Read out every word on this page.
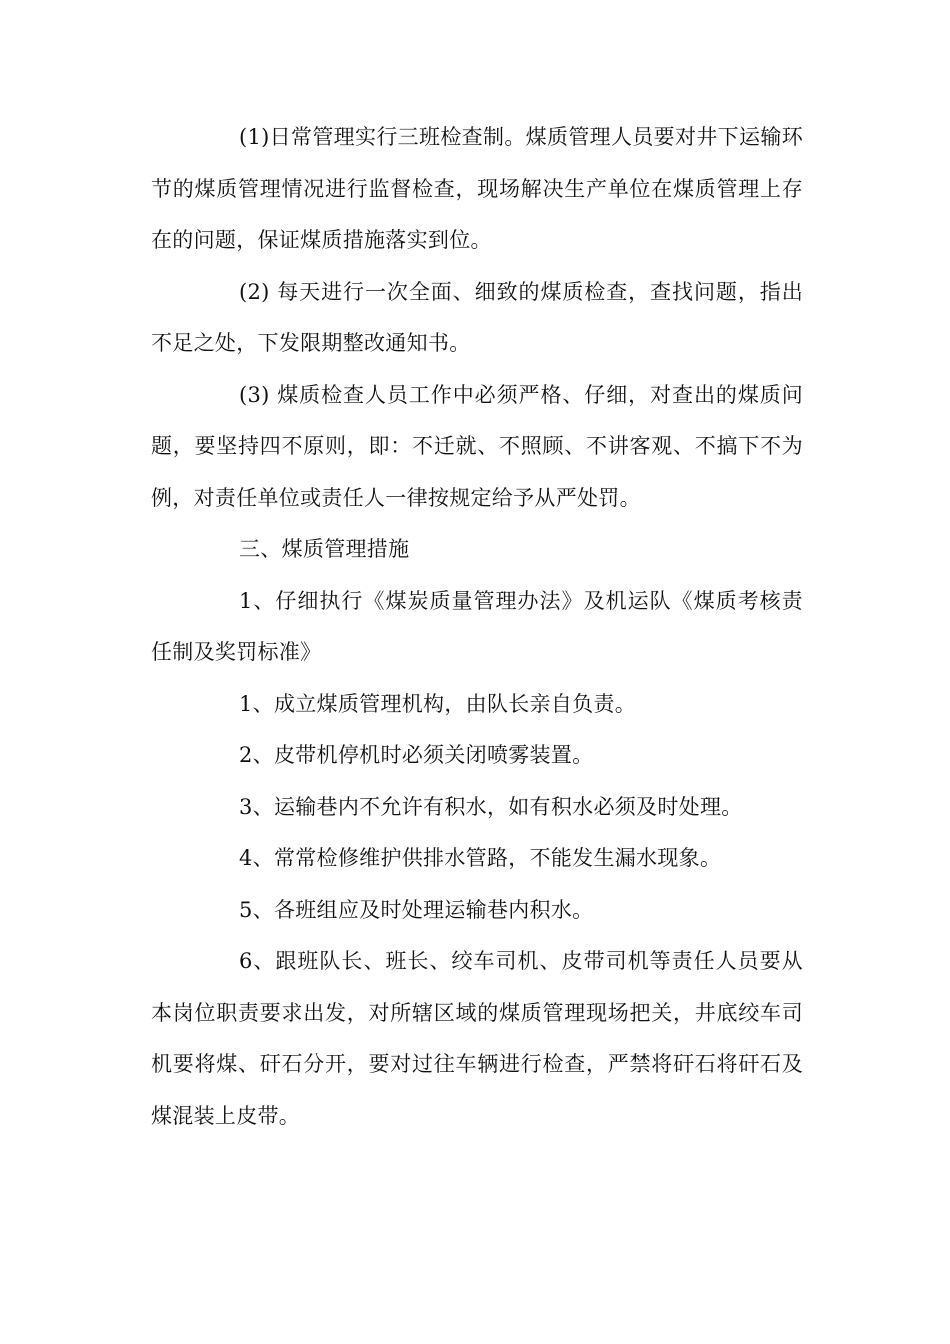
(1)日常管理实行三班检查制。煤质管理人员要对井下运输环节的煤质管理情况进行监督检查，现场解决生产单位在煤质管理上存在的问题，保证煤质措施落实到位。

(2) 每天进行一次全面、细致的煤质检查，查找问题，指出不足之处，下发限期整改通知书。

(3) 煤质检查人员工作中必须严格、仔细，对查出的煤质问题，要坚持四不原则，即：不迁就、不照顾、不讲客观、不搞下不为例，对责任单位或责任人一律按规定给予从严处罚。

三、煤质管理措施

1、仔细执行《煤炭质量管理办法》及机运队《煤质考核责任制及奖罚标准》

1、成立煤质管理机构，由队长亲自负责。

2、皮带机停机时必须关闭喷雾装置。

3、运输巷内不允许有积水，如有积水必须及时处理。

4、常常检修维护供排水管路，不能发生漏水现象。

5、各班组应及时处理运输巷内积水。

6、跟班队长、班长、绞车司机、皮带司机等责任人员要从本岗位职责要求出发，对所辖区域的煤质管理现场把关，井底绞车司机要将煤、矸石分开，要对过往车辆进行检查，严禁将矸石将矸石及煤混装上皮带。
